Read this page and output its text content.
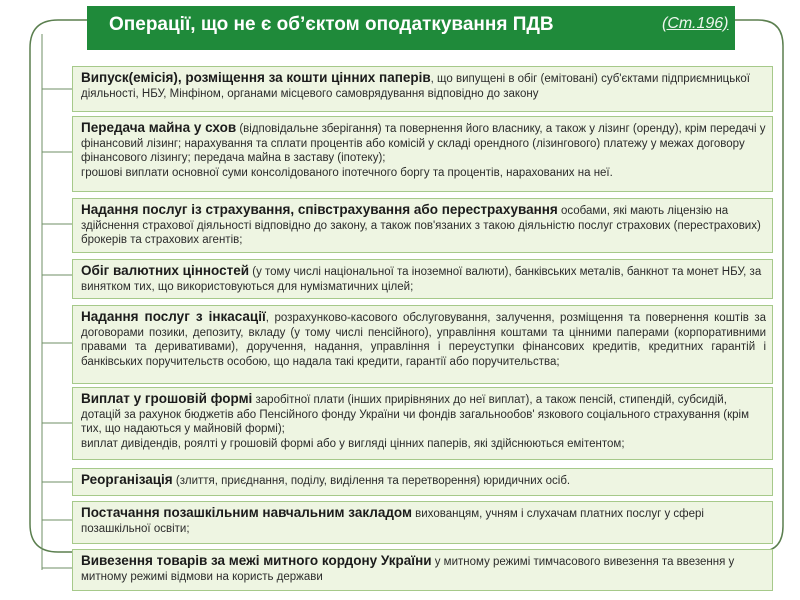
Операції, що не є об’єктом оподаткування ПДВ	(Ст.196)

Випуск(емісія), розміщення за кошти цінних паперів, що випущені в обіг (емітовані) суб'єктами підприємницької діяльності, НБУ, Мінфіном, органами місцевого самоврядування відповідно до закону

Передача майна у схов (відповідальне зберігання) та повернення його власнику, а також у лізинг (оренду), крім передачі у фінансовий лізинг; нарахування та сплати процентів або комісій у складі орендного (лізингового) платежу у межах договору фінансового лізингу; передача майна в заставу (іпотеку);

грошові виплати основної суми консолідованого іпотечного боргу та процентів, нарахованих на неї.

Надання послуг із страхування, співстрахування або перестрахування особами, які мають ліцензію на здійснення страхової діяльності відповідно до закону, а також пов'язаних з такою діяльністю послуг страхових (перестрахових) брокерів та страхових агентів;

Обіг валютних цінностей (у тому числі національної та іноземної валюти), банківських металів, банкнот та монет НБУ, за винятком тих, що використовуються для нумізматичних цілей;

Надання послуг з інкасації, розрахунково-касового обслуговування, залучення, розміщення та повернення коштів за договорами позики, депозиту, вкладу (у тому числі пенсійного), управління коштами та цінними паперами (корпоративними правами та деривативами), доручення, надання, управління і переуступки фінансових кредитів, кредитних гарантій і банківських поручительств особою, що надала такі кредити, гарантії або поручительства;

Виплат у грошовій формі заробітної плати (інших прирівняних до неї виплат), а також пенсій, стипендій, субсидій, дотацій за рахунок бюджетів або Пенсійного фонду України чи фондів загальнообов' язкового соціального страхування (крім тих, що надаються у майновій формі);

виплат дивідендів, роялті у грошовій формі або у вигляді цінних паперів, які здійснюються емітентом;

Реорганізація (злиття, приєднання, поділу, виділення та перетворення) юридичних осіб.

Постачання позашкільним навчальним закладом вихованцям, учням і слухачам платних послуг у сфері позашкільної освіти;

Вивезення товарів за межі митного кордону України у митному режимі тимчасового вивезення та ввезення у митному режимі відмови на користь держави
